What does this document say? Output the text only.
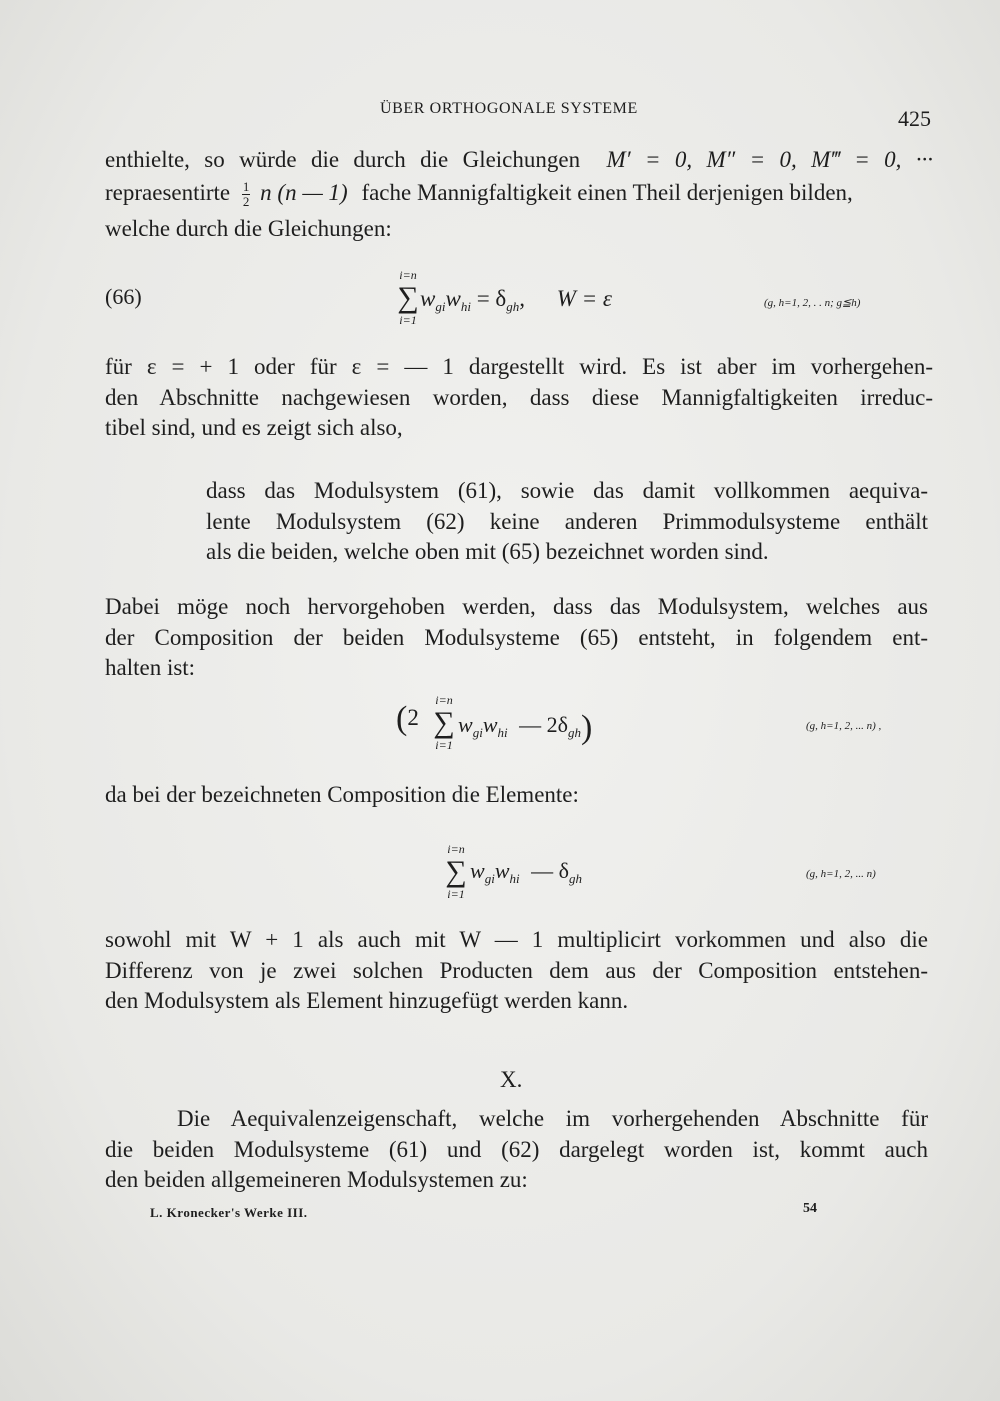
ÜBER ORTHOGONALE SYSTEME	425
enthielte, so würde die durch die Gleichungen M′ = 0, M″ = 0, M‴ = 0, ···
repraesentirte $\frac{1}{2}$ n (n — 1) fache Mannigfaltigkeit einen Theil derjenigen bilden,
welche durch die Gleichungen:
(66)
i=n
∑
i=1
$w_{gi}w_{hi} = \delta_{gh}$, W = ε	(g, h=1, 2, . . n; g≦h)
für ε = + 1 oder für ε = — 1 dargestellt wird. Es ist aber im vorhergehen-
den Abschnitte nachgewiesen worden, dass diese Mannigfaltigkeiten irreduc-
tibel sind, und es zeigt sich also,
dass das Modulsystem (61), sowie das damit vollkommen aequiva-
lente Modulsystem (62) keine anderen Primmodulsysteme enthält
als die beiden, welche oben mit (65) bezeichnet worden sind.
Dabei möge noch hervorgehoben werden, dass das Modulsystem, welches aus
der Composition der beiden Modulsysteme (65) entsteht, in folgendem ent-
halten ist:
(2
i=n
∑
i=1
$w_{gi}w_{hi}$ — $2\delta_{gh}$)	(g, h=1, 2, ... n) ,
da bei der bezeichneten Composition die Elemente:
i=n
∑
i=1
$w_{gi}w_{hi}$ — $\delta_{gh}$	(g, h=1, 2, ... n)
sowohl mit W + 1 als auch mit W — 1 multiplicirt vorkommen und also die
Differenz von je zwei solchen Producten dem aus der Composition entstehen-
den Modulsystem als Element hinzugefügt werden kann.
X.
Die Aequivalenzeigenschaft, welche im vorhergehenden Abschnitte für
die beiden Modulsysteme (61) und (62) dargelegt worden ist, kommt auch
den beiden allgemeineren Modulsystemen zu:
L. Kronecker's Werke III.	54
